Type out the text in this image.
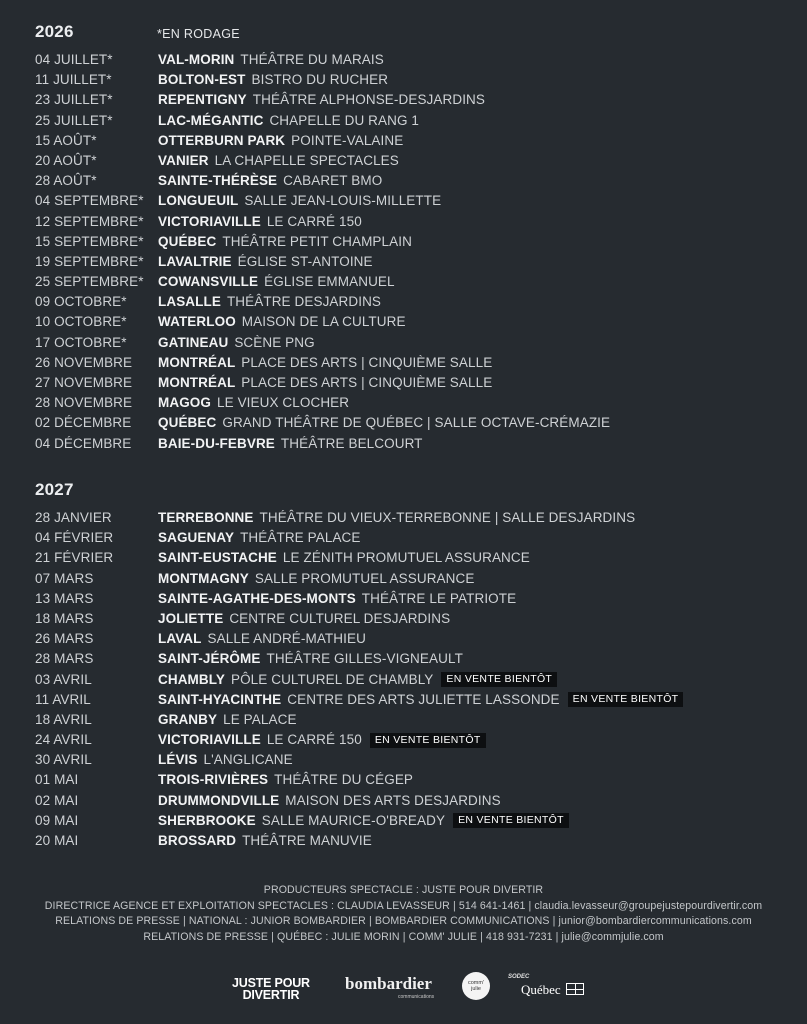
2026	*EN RODAGE
04 JUILLET*	VAL-MORIN THÉÂTRE DU MARAIS
11 JUILLET*	BOLTON-EST BISTRO DU RUCHER
23 JUILLET*	REPENTIGNY THÉÂTRE ALPHONSE-DESJARDINS
25 JUILLET*	LAC-MÉGANTIC CHAPELLE DU RANG 1
15 AOÛT*	OTTERBURN PARK POINTE-VALAINE
20 AOÛT*	VANIER LA CHAPELLE SPECTACLES
28 AOÛT*	SAINTE-THÉRÈSE CABARET BMO
04 SEPTEMBRE*	LONGUEUIL SALLE JEAN-LOUIS-MILLETTE
12 SEPTEMBRE*	VICTORIAVILLE LE CARRÉ 150
15 SEPTEMBRE*	QUÉBEC THÉÂTRE PETIT CHAMPLAIN
19 SEPTEMBRE*	LAVALTRIE ÉGLISE ST-ANTOINE
25 SEPTEMBRE*	COWANSVILLE ÉGLISE EMMANUEL
09 OCTOBRE*	LASALLE THÉÂTRE DESJARDINS
10 OCTOBRE*	WATERLOO MAISON DE LA CULTURE
17 OCTOBRE*	GATINEAU SCÈNE PNG
26 NOVEMBRE	MONTRÉAL PLACE DES ARTS | CINQUIÈME SALLE
27 NOVEMBRE	MONTRÉAL PLACE DES ARTS | CINQUIÈME SALLE
28 NOVEMBRE	MAGOG LE VIEUX CLOCHER
02 DÉCEMBRE	QUÉBEC GRAND THÉÂTRE DE QUÉBEC | SALLE OCTAVE-CRÉMAZIE
04 DÉCEMBRE	BAIE-DU-FEBVRE THÉÂTRE BELCOURT
2027
28 JANVIER	TERREBONNE THÉÂTRE DU VIEUX-TERREBONNE | SALLE DESJARDINS
04 FÉVRIER	SAGUENAY THÉÂTRE PALACE
21 FÉVRIER	SAINT-EUSTACHE LE ZÉNITH PROMUTUEL ASSURANCE
07 MARS	MONTMAGNY SALLE PROMUTUEL ASSURANCE
13 MARS	SAINTE-AGATHE-DES-MONTS THÉÂTRE LE PATRIOTE
18 MARS	JOLIETTE CENTRE CULTUREL DESJARDINS
26 MARS	LAVAL SALLE ANDRÉ-MATHIEU
28 MARS	SAINT-JÉRÔME THÉÂTRE GILLES-VIGNEAULT
03 AVRIL	CHAMBLY PÔLE CULTUREL DE CHAMBLY	EN VENTE BIENTÔT
11 AVRIL	SAINT-HYACINTHE CENTRE DES ARTS JULIETTE LASSONDE	EN VENTE BIENTÔT
18 AVRIL	GRANBY LE PALACE
24 AVRIL	VICTORIAVILLE LE CARRÉ 150	EN VENTE BIENTÔT
30 AVRIL	LÉVIS L'ANGLICANE
01 MAI	TROIS-RIVIÈRES THÉÂTRE DU CÉGEP
02 MAI	DRUMMONDVILLE MAISON DES ARTS DESJARDINS
09 MAI	SHERBROOKE SALLE MAURICE-O'BREADY	EN VENTE BIENTÔT
20 MAI	BROSSARD THÉÂTRE MANUVIE
PRODUCTEURS SPECTACLE : JUSTE POUR DIVERTIR
DIRECTRICE AGENCE ET EXPLOITATION SPECTACLES : CLAUDIA LEVASSEUR | 514 641-1461 | claudia.levasseur@groupejustepourdivertir.com
RELATIONS DE PRESSE | NATIONAL : JUNIOR BOMBARDIER | BOMBARDIER COMMUNICATIONS | junior@bombardiercommunications.com
RELATIONS DE PRESSE | QUÉBEC : JULIE MORIN | COMM' JULIE | 418 931-7231 | julie@commjulie.com
JUSTE POUR
DIVERTIR
bombardier
communications
comm'
julie
SODEC
Québec
